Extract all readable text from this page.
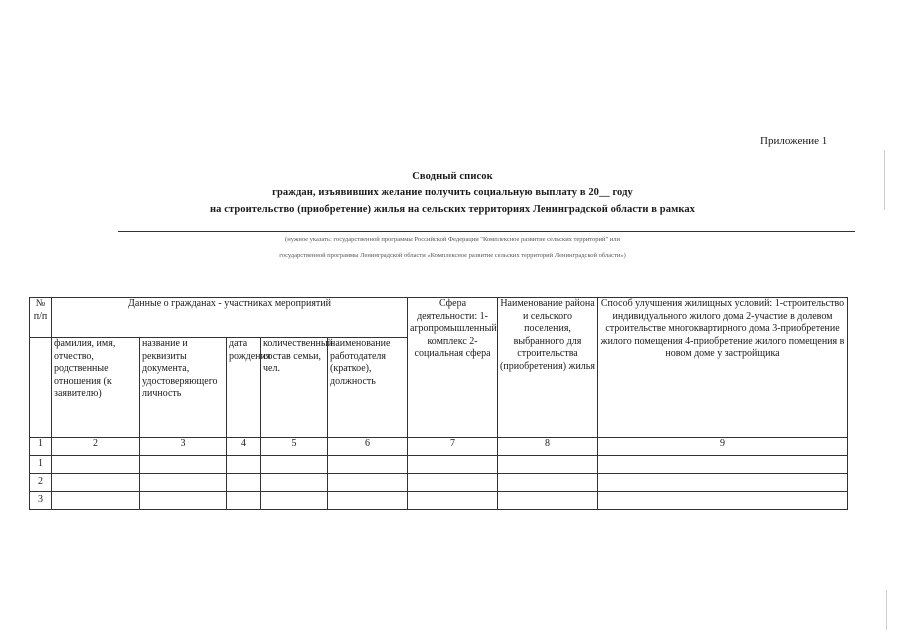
Приложение 1
Сводный список
граждан, изъявивших желание получить социальную выплату в 20__ году
на строительство (приобретение) жилья на сельских территориях Ленинградской области в рамках
(нужное указать: государственной программы Российской Федерации "Комплексное развитие сельских территорий" или
государственной программы Ленинградской области «Комплексное развитие сельских территорий Ленинградской области»)
№ п/п	Данные о гражданах - участниках мероприятий					Сфера деятельности: 1-агропромышленный комплекс 2-социальная сфера	Наименование района и сельского поселения, выбранного для строительства (приобретения) жилья	Способ улучшения жилищных условий: 1-строительство индивидуального жилого дома 2-участие в долевом строительстве многоквартирного дома 3-приобретение жилого помещения 4-приобретение жилого помещения в новом доме у застройщика
	фамилия, имя, отчество, родственные отношения (к заявителю)	название и реквизиты документа, удостоверяющего личность	дата рождения	количественный состав семьи, чел.	наименование работодателя (краткое), должность			
1	2	3	4	5	6	7	8	9
1								
2								
3								
